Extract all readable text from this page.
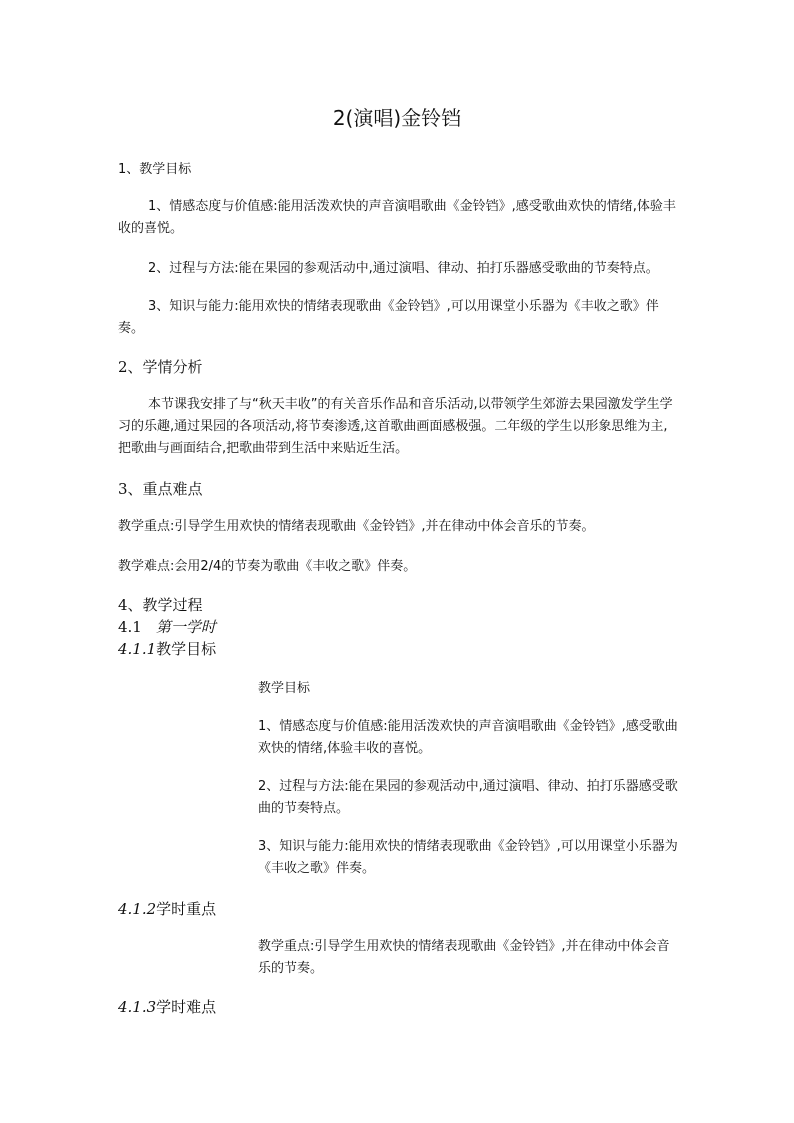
2(演唱)金铃铛
1、教学目标

1、情感态度与价值感:能用活泼欢快的声音演唱歌曲《金铃铛》,感受歌曲欢快的情绪,体验丰收的喜悦。

2、过程与方法:能在果园的参观活动中,通过演唱、律动、拍打乐器感受歌曲的节奏特点。

3、知识与能力:能用欢快的情绪表现歌曲《金铃铛》,可以用课堂小乐器为《丰收之歌》伴奏。

2、学情分析

本节课我安排了与“秋天丰收”的有关音乐作品和音乐活动,以带领学生郊游去果园激发学生学习的乐趣,通过果园的各项活动,将节奏渗透,这首歌曲画面感极强。二年级的学生以形象思维为主,把歌曲与画面结合,把歌曲带到生活中来贴近生活。

3、重点难点

教学重点:引导学生用欢快的情绪表现歌曲《金铃铛》,并在律动中体会音乐的节奏。

教学难点:会用2/4的节奏为歌曲《丰收之歌》伴奏。

4、教学过程
4.1 第一学时
4.1.1教学目标

教学目标

1、情感态度与价值感:能用活泼欢快的声音演唱歌曲《金铃铛》,感受歌曲欢快的情绪,体验丰收的喜悦。

2、过程与方法:能在果园的参观活动中,通过演唱、律动、拍打乐器感受歌曲的节奏特点。

3、知识与能力:能用欢快的情绪表现歌曲《金铃铛》,可以用课堂小乐器为《丰收之歌》伴奏。

4.1.2学时重点

教学重点:引导学生用欢快的情绪表现歌曲《金铃铛》,并在律动中体会音乐的节奏。

4.1.3学时难点
